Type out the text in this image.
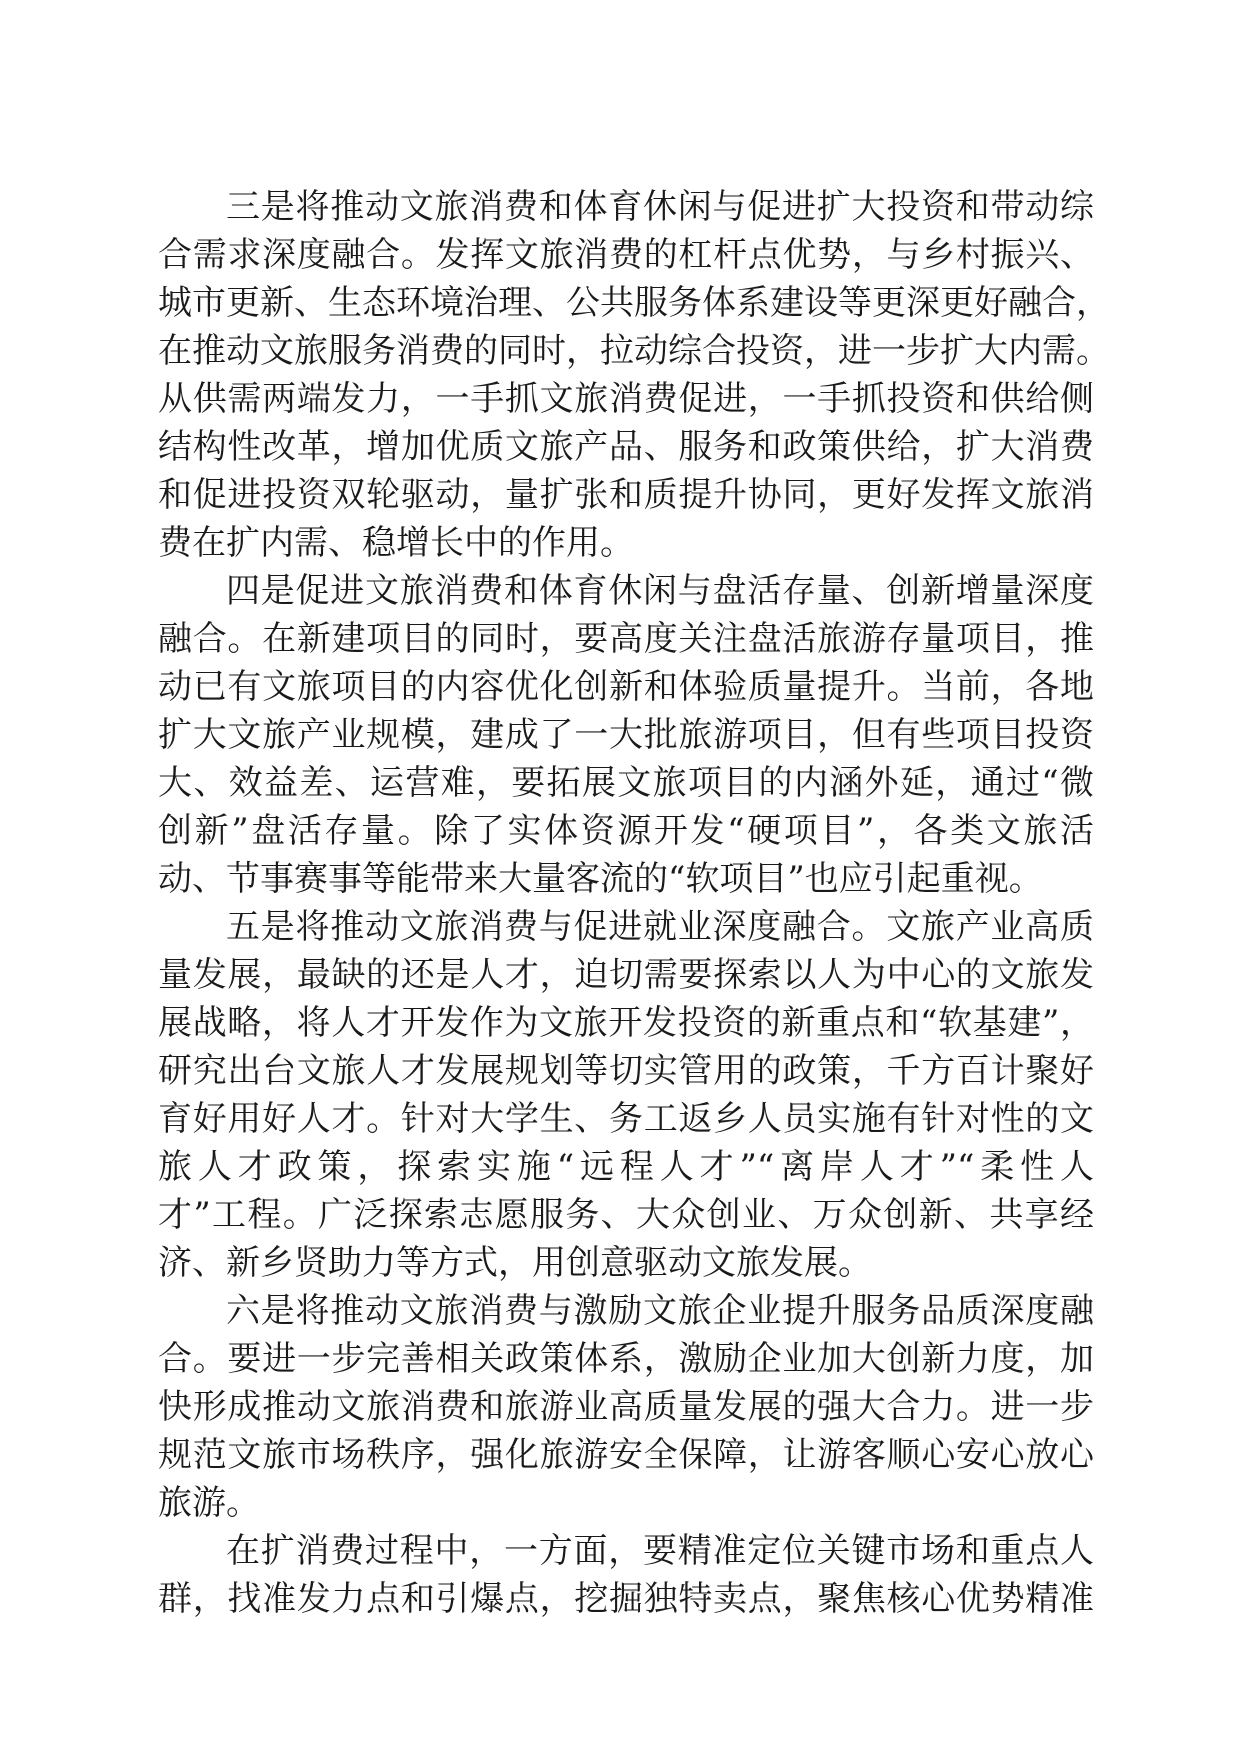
三是将推动文旅消费和体育休闲与促进扩大投资和带动综
合需求深度融合。发挥文旅消费的杠杆点优势，与乡村振兴、
城市更新、生态环境治理、公共服务体系建设等更深更好融合，
在推动文旅服务消费的同时，拉动综合投资，进一步扩大内需。
从供需两端发力，一手抓文旅消费促进，一手抓投资和供给侧
结构性改革，增加优质文旅产品、服务和政策供给，扩大消费
和促进投资双轮驱动，量扩张和质提升协同，更好发挥文旅消
费在扩内需、稳增长中的作用。
四是促进文旅消费和体育休闲与盘活存量、创新增量深度
融合。在新建项目的同时，要高度关注盘活旅游存量项目，推
动已有文旅项目的内容优化创新和体验质量提升。当前，各地
扩大文旅产业规模，建成了一大批旅游项目，但有些项目投资
大、效益差、运营难，要拓展文旅项目的内涵外延，通过“微
创新”盘活存量。除了实体资源开发“硬项目”，各类文旅活
动、节事赛事等能带来大量客流的“软项目”也应引起重视。
五是将推动文旅消费与促进就业深度融合。文旅产业高质
量发展，最缺的还是人才，迫切需要探索以人为中心的文旅发
展战略，将人才开发作为文旅开发投资的新重点和“软基建”，
研究出台文旅人才发展规划等切实管用的政策，千方百计聚好
育好用好人才。针对大学生、务工返乡人员实施有针对性的文
旅人才政策，探索实施“远程人才”“离岸人才”“柔性人
才”工程。广泛探索志愿服务、大众创业、万众创新、共享经
济、新乡贤助力等方式，用创意驱动文旅发展。
六是将推动文旅消费与激励文旅企业提升服务品质深度融
合。要进一步完善相关政策体系，激励企业加大创新力度，加
快形成推动文旅消费和旅游业高质量发展的强大合力。进一步
规范文旅市场秩序，强化旅游安全保障，让游客顺心安心放心
旅游。
在扩消费过程中，一方面，要精准定位关键市场和重点人
群，找准发力点和引爆点，挖掘独特卖点，聚焦核心优势精准
